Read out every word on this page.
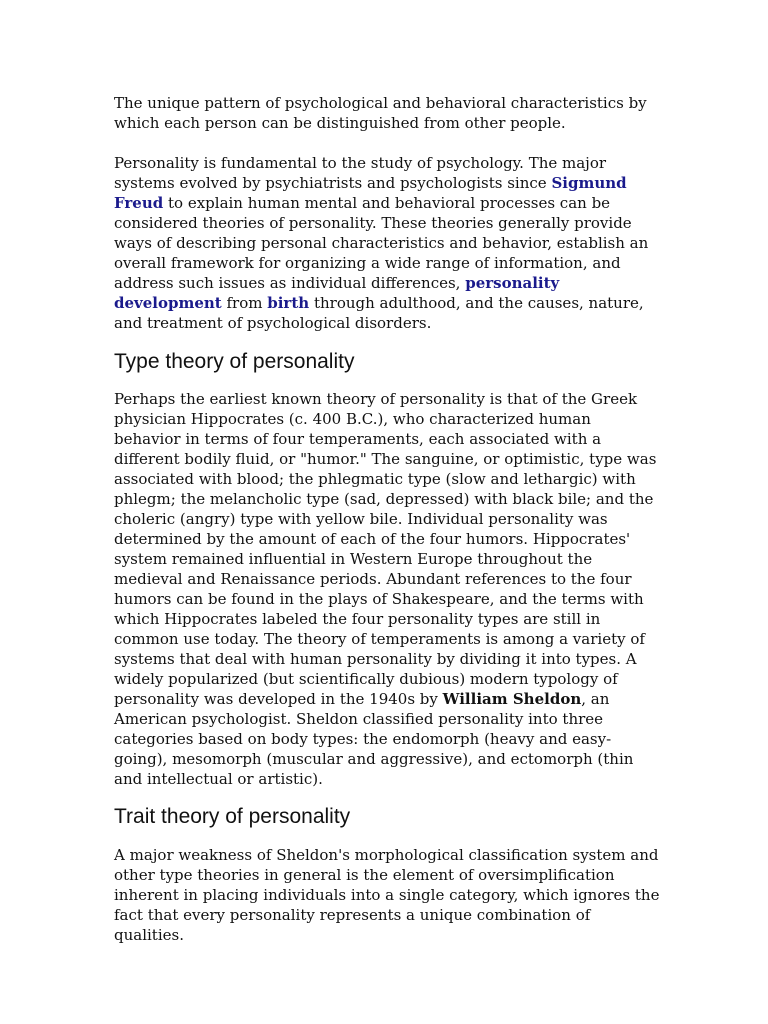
The unique pattern of psychological and behavioral characteristics by which each person can be distinguished from other people.

Personality is fundamental to the study of psychology. The major systems evolved by psychiatrists and psychologists since Sigmund Freud to explain human mental and behavioral processes can be considered theories of personality. These theories generally provide ways of describing personal characteristics and behavior, establish an overall framework for organizing a wide range of information, and address such issues as individual differences, personality development from birth through adulthood, and the causes, nature, and treatment of psychological disorders.

Type theory of personality

Perhaps the earliest known theory of personality is that of the Greek physician Hippocrates (c. 400 B.C.), who characterized human behavior in terms of four temperaments, each associated with a different bodily fluid, or "humor." The sanguine, or optimistic, type was associated with blood; the phlegmatic type (slow and lethargic) with phlegm; the melancholic type (sad, depressed) with black bile; and the choleric (angry) type with yellow bile. Individual personality was determined by the amount of each of the four humors. Hippocrates' system remained influential in Western Europe throughout the medieval and Renaissance periods. Abundant references to the four humors can be found in the plays of Shakespeare, and the terms with which Hippocrates labeled the four personality types are still in common use today. The theory of temperaments is among a variety of systems that deal with human personality by dividing it into types. A widely popularized (but scientifically dubious) modern typology of personality was developed in the 1940s by William Sheldon, an American psychologist. Sheldon classified personality into three categories based on body types: the endomorph (heavy and easy-going), mesomorph (muscular and aggressive), and ectomorph (thin and intellectual or artistic).

Trait theory of personality

A major weakness of Sheldon's morphological classification system and other type theories in general is the element of oversimplification inherent in placing individuals into a single category, which ignores the fact that every personality represents a unique combination of qualities.
